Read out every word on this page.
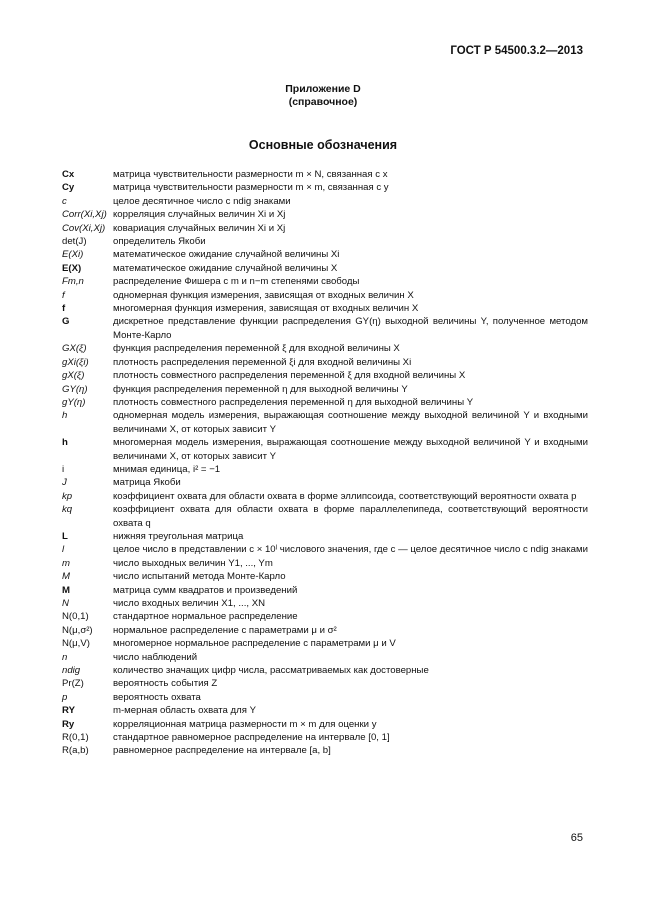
ГОСТ Р 54500.3.2—2013
Приложение D
(справочное)
Основные обозначения
Cx	матрица чувствительности размерности m × N, связанная с x
Cy	матрица чувствительности размерности m × m, связанная с y
c	целое десятичное число с ndig знаками
Corr(Xi,Xj) корреляция случайных величин Xi и Xj
Cov(Xi,Xj) ковариация случайных величин Xi и Xj
det(J)	определитель Якоби
E(Xi)	математическое ожидание случайной величины Xi
E(X)	математическое ожидание случайной величины X
Fm,n	распределение Фишера с m и n−m степенями свободы
f	одномерная функция измерения, зависящая от входных величин X
f	многомерная функция измерения, зависящая от входных величин X
G	дискретное представление функции распределения GY(η) выходной величины Y, полученное методом Монте-Карло
GX(ξ)	функция распределения переменной ξ для входной величины X
gXi(ξi)	плотность распределения переменной ξi для входной величины Xi
gX(ξ)	плотность совместного распределения переменной ξ для входной величины X
GY(η)	функция распределения переменной η для выходной величины Y
gY(η)	плотность совместного распределения переменной η для выходной величины Y
h	одномерная модель измерения, выражающая соотношение между выходной величиной Y и входными величинами X, от которых зависит Y
h	многомерная модель измерения, выражающая соотношение между выходной величиной Y и входными величинами X, от которых зависит Y
i	мнимая единица, i² = −1
J	матрица Якоби
kp	коэффициент охвата для области охвата в форме эллипсоида, соответствующий вероятности охвата p
kq	коэффициент охвата для области охвата в форме параллелепипеда, соответствующий вероятности охвата q
L	нижняя треугольная матрица
l	целое число в представлении c × 10ˡ числового значения, где c — целое десятичное число с ndig знаками
m	число выходных величин Y1, ..., Ym
M	число испытаний метода Монте-Карло
M	матрица сумм квадратов и произведений
N	число входных величин X1, ..., XN
N(0,1)	стандартное нормальное распределение
N(μ,σ²)	нормальное распределение с параметрами μ и σ²
N(μ,V)	многомерное нормальное распределение с параметрами μ и V
n	число наблюдений
ndig	количество значащих цифр числа, рассматриваемых как достоверные
Pr(Z)	вероятность события Z
p	вероятность охвата
RY	m-мерная область охвата для Y
Ry	корреляционная матрица размерности m × m для оценки y
R(0,1)	стандартное равномерное распределение на интервале [0, 1]
R(a,b)	равномерное распределение на интервале [a, b]
65
